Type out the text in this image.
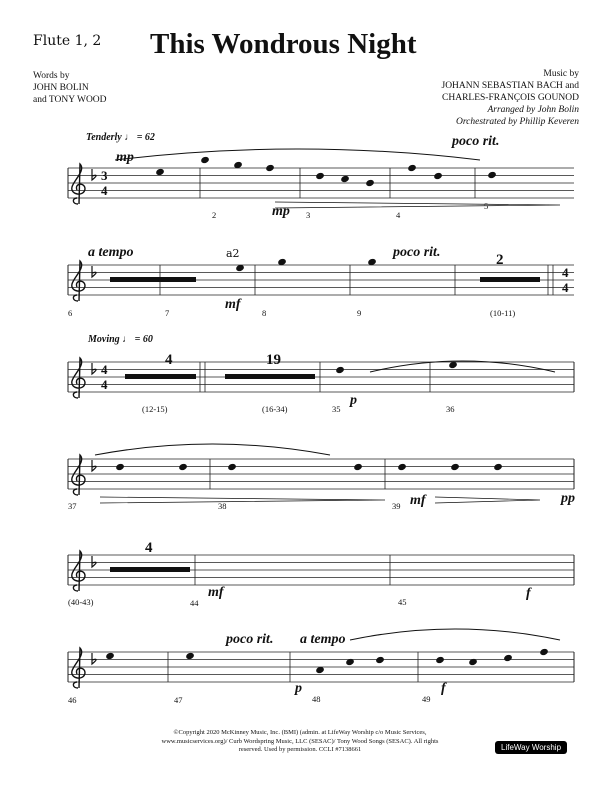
Flute 1, 2 This Wondrous Night
Words by
JOHN BOLIN
and TONY WOOD
Music by
JOHANN SEBASTIAN BACH and
CHARLES-FRANÇOIS GOUNOD
Arranged by John Bolin
Orchestrated by Phillip Keveren
Tenderly ♩ = 62	poco rit.
mp
mp
3
4
2	3	4
5
a tempo	a2	poco rit.	2
mf
4
4
6	7	8	9	(10-11)
Moving ♩ = 60
4
4
4	19
(12-15)	(16-34)	35
p
36
37	38	39 mf	pp
4
(40-43)	44
mf
45
f
poco rit. a tempo
46	47
p
48	49
f
©Copyright 2020 McKinney Music, Inc. (BMI) (admin. at LifeWay Worship c/o Music Services, www.musicservices.org)/ Curb Wordspring Music, LLC (SESAC)/ Tony Wood Songs (SESAC). All rights reserved. Used by permission. CCLI #7138661	LifeWay Worship
